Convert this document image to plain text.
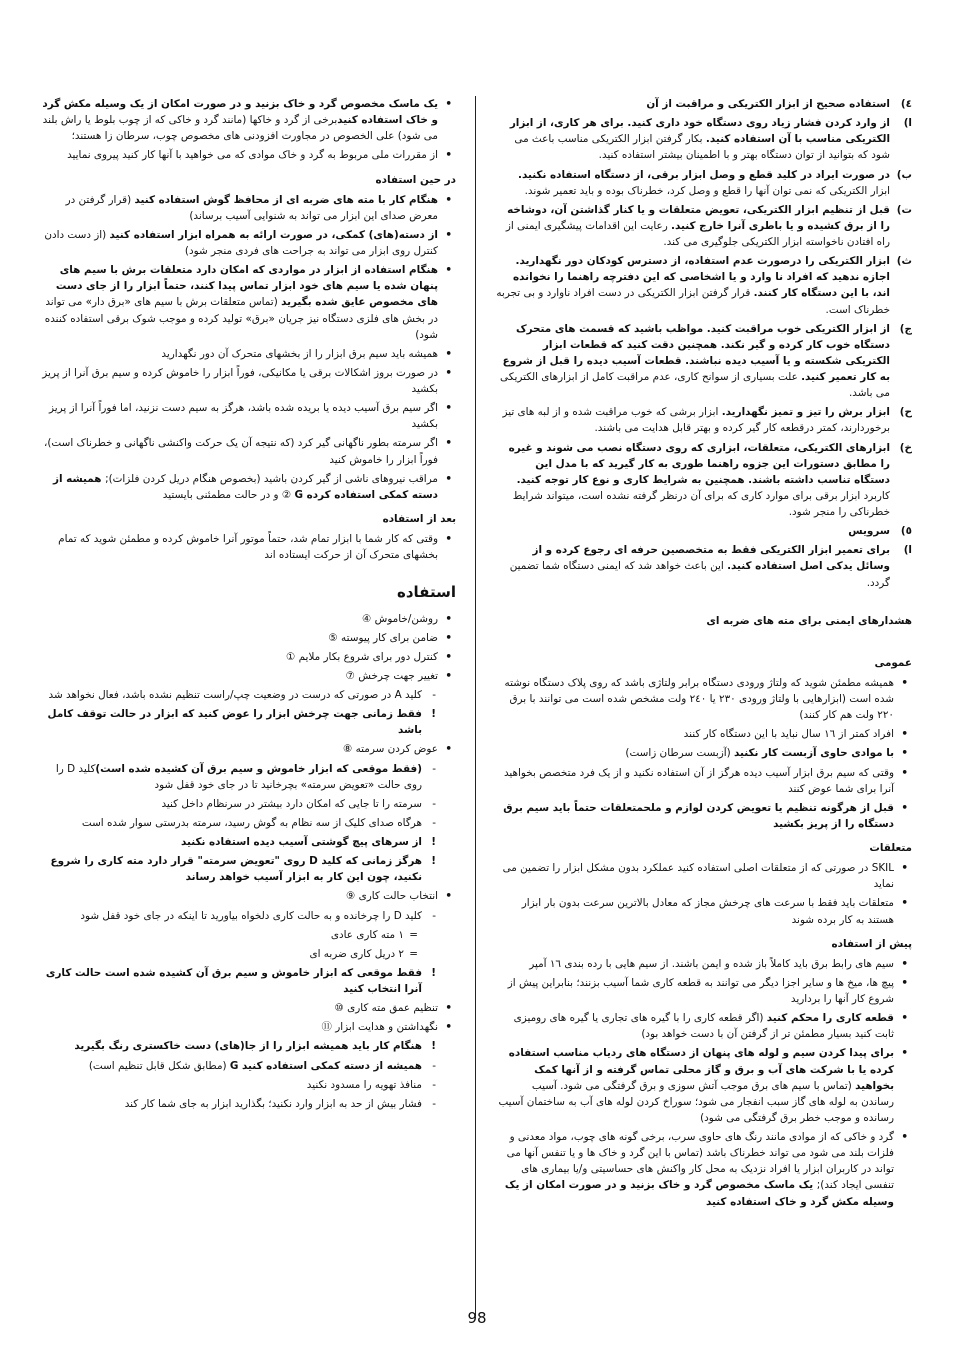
٤)
استفاده صحیح از ابزار الکتریکی و مراقبت از آن
ا)
از وارد کردن فشار زیاد روی دستگاه خود داری کنید. برای هر کاری، از ابزار الکتریکی مناسب با آن استفاده کنید. بکار گرفتن ابزار الکتریکی مناسب باعث می شود که بتوانید از توان دستگاه بهتر و با اطمینان بیشتر استفاده کنید.
ب)
در صورت ایراد در کلید قطع و وصل ابزار برقی، از دستگاه استفاده نکنید. ابزار الکتریکی که نمی توان آنها را قطع و وصل کرد، خطرناک بوده و باید تعمیر شوند.
ت)
قبل از تنظیم ابزار الکتریکی، تعویض متعلقات و یا کنار گذاشتن آن، دوشاخه را از برق کشیده و یا باطری آنرا خارج کنید. رعایت این اقدامات پیشگیری ایمنی از راه افتادن ناخواسته ابزار الکتریکی جلوگیری می کند.
ث)
ابزار الکتریکی را درصورت عدم استفاده، از دسترس کودکان دور نگهدارید. اجازه ندهید که افراد نا وارد و یا اشخاصی که این دفترچه راهنما را نخوانده اند، با این دستگاه کار کنند. قرار گرفتن ابزار الکتریکی در دست افراد ناوارد و بی تجربه خطرناک است.
ج)
از ابزار الکتریکی خوب مراقبت کنید. مواظب باشید که قسمت های متحرک دستگاه خوب کار کرده و گیر نکند. همچنین دقت کنید که قطعات ابزار الکتریکی شکسته و یا آسیب دیده نباشند. قطعات آسیب دیده را قبل از شروع به کار تعمیر کنید. علت بسیاری از سوانح کاری، عدم مراقبت کامل از ابزارهای الکتریکی می باشد.
ح)
ابزار برش را تیز و تمیز نگهدارید. ابزار برشی که خوب مراقبت شده و از لبه های تیز برخوردارند، کمتر درقطعه کار گیر کرده و بهتر قابل هدایت می باشند.
خ)
ابزارهای الکتریکی، متعلقات، ابزاری که روی دستگاه نصب می شوند و غیره را مطابق دستورات این جزوه راهنما طوری به کار گیرید که با مدل این دستگاه تناسب داشته باشند. همچنین به شرایط کاری و نوع کار توجه کنید. کاربرد ابزار برقی برای موارد کاری که برای آن درنظر گرفته نشده است، میتواند شرایط خطرناکی را منجر شود.
٥)
سرویس
ا)
برای تعمیر ابزار الکتریکی فقط به متخصصین حرفه ای رجوع کرده و از وسائل یدکی اصل استفاده کنید. این باعث خواهد شد که ایمنی دستگاه شما تضمین گردد.
هشدارهای ایمنی برای مته های ضربه ای
عمومی
• همیشه مطمئن شوید که ولتاژ ورودی دستگاه برابر ولتاژی باشد که روی پلاک دستگاه نوشته شده است (ابزارهایی با ولتاژ ورودی ۲۳۰ یا ۲٤۰ ولت مشخص شده است می توانند با برق ۲۲۰ ولت هم کار کنند)
• افراد کمتر از ۱٦ سال نباید با این دستگاه کار کنند
• با موادی حاوی آزبست کار نکنید (آزبست سرطان زاست)
• وقتی که سیم برق ابزار آسیب دیده هرگز از آن استفاده نکنید و از یک فرد متخصص بخواهید آنرا برای شما عوض کنند
• قبل از هرگونه تنظیم یا تعویض کردن لوازم و ملحمتعلقات حتماً باید سیم برق دستگاه را از پریز بکشید
متعلقات
• SKIL در صورتی که از متعلقات اصلی استفاده کنید عملکرد بدون مشکل ابزار را تضمین می نماید
• متعلقات باید فقط با سرعت های چرخش مجاز که معادل بالاترین سرعت بدون بار ابزار هستند به کار برده شوند
پیش از استفاده
• سیم های رابط برق باید کاملاً باز شده و ایمن باشند. از سیم هایی با رده بندی ۱٦ آمپر
• پیچ ها، میخ ها و سایر اجزا دیگر می توانند به قطعه کاری شما آسیب بزنند؛ بنابراین پیش از شروع کار آنها را بردارید
• قطعه کاری را محکم کنید (اگر قطعه کاری را با گیره های تجاری یا گیره های رومیزی ثابت کنید بسیار مطمئن تر از گرفتن آن با دست خواهد بود)
• برای پیدا کردن سیم و لوله های پنهان از دستگاه های ردیاب مناسب استفاده کرده یا با شرکت های آب و برق و گاز محلی تماس گرفته و از آنها کمک بخواهید (تماس با سیم های برق موجب آتش سوزی و برق گرفتگی می شود. آسیب رساندن به لوله های گاز سبب انفجار می شود؛ سوراخ کردن لوله های آب به ساختمان آسیب رسانده و موجب خطر برق گرفتگی می شود)
• گرد و خاکی که از موادی مانند رنگ های حاوی سرب، برخی گونه های چوب، مواد معدنی و فلزات بلند می شود می تواند خطرناک باشد (تماس با این گرد و خاک ها و یا تنفس آنها می تواند در کاربران ابزار یا افراد نزدیک به محل کار واکنش های حساسیتی و/یا بیماری های تنفسی ایجاد کند); یک ماسک مخصوص گرد و خاک بزنید و در صورت امکان از یک وسیله مکش گرد و خاک استفاده کنید
• یک ماسک مخصوص گرد و خاک بزنید و در صورت امکان از یک وسیله مکش گرد و خاک استفاده کنیدبرخی از گرد و خاکها (مانند گرد و خاکی که از چوب بلوط یا راش بلند می شود) علی الخصوص در مجاورت افزودنی های مخصوص چوب، سرطان زا هستند؛
• از مقررات ملی مربوط به گرد و خاک موادی که می خواهید با آنها کار کنید پیروی نمایید
در حین استفاده
• هنگام کار با مته های ضربه ای از محافظ گوش استفاده کنید (قرار گرفتن در معرض صدای این ابزار می تواند به شنوایی آسیب برساند)
• از دسته(های) کمکی، در صورت ارائه به همراه ابزار استفاده کنید (از دست دادن کنترل روی ابزار می تواند به جراحت های فردی منجر شود)
• هنگام استفاده از ابزار در مواردی که امکان دارد متعلقات برش با سیم های پنهان شده یا سیم های خود ابزار تماس پیدا کنند، حتماً ابزار را از جای دست های مخصوص عایق شده بگیرید (تماس متعلقات برش با سیم های «برق دار» می تواند در بخش های فلزی دستگاه نیز جریان «برق» تولید کرده و موجب شوک برقی استفاده کننده شود)
• همیشه باید سیم برق ابزار را از بخشهای متحرک آن دور نگهدارید
• در صورت بروز اشکالات برقی یا مکانیکی، فوراً ابزار را خاموش کرده و سیم برق آنرا از پریز بکشید
• اگر سیم برق آسیب دیده یا بریده شده باشد، هرگز به سیم دست نزنید، اما فوراً آنرا از پریز بکشید
• اگر سرمته بطور ناگهانی گیر کرد (که نتیجه آن یک حرکت واکنشی ناگهانی و خطرناک است)، فوراً ابزار را خاموش کنید
• مراقب نیروهای ناشی از گیر کردن باشید (بخصوص هنگام دریل کردن فلزات); همیشه از دسته کمکی استفاده کرده G ② و در حالت مطمئنی بایستید
بعد از استفاده
• وقتی که کار شما با ابزار تمام شد، حتماً موتور آنرا خاموش کرده و مطمئن شوید که تمام بخشهای متحرک آن از حرکت ایستاده اند
استفاده
• روشن/خاموش ④
• ضامن برای کار پیوسته ⑤
• کنترل دور برای شروع بکار ملایم ①
• تغییر جهت چرخش ⑦
- کلید A در صورتی که درست در وضعیت چپ/راست تنظیم نشده باشد، فعال نخواهد شد
! فقط زمانی جهت چرخش ابزار را عوض کنید که ابزار در حالت توقف کامل باشد
• عوض کردن سرمته ⑧
- (فقط موقعی که ابزار خاموش و سیم برق آن کشیده شده است)کلید D را روی حالت «تعویض سرمته» بچرخانید تا در جای خود قفل شود
- سرمته را تا جایی که امکان دارد بیشتر در سرنظام داخل کنید
- هرگاه صدای کلیک از سه نظام به گوش رسید، سرمته بدرستی سوار شده است
! از سرهای پیچ گوشتی آسیب دیده استفاده نکنید
! هرگز زمانی که کلید D روی "تعویض سرمته" قرار دارد مته کاری را شروع نکنید، چون این کار به ابزار آسیب خواهد رساند
• انتخاب حالت کاری ⑨
- کلید D را چرخانده و به حالت کاری دلخواه بیاورید تا اینکه در جای خود قفل شود
= ۱ مته کاری عادی
= ۲ دریل کاری ضربه ای
! فقط موقعی که ابزار خاموش و سیم برق آن کشیده شده است حالت کاری آنرا انتخاب کنید
• تنظیم عمق مته کاری ⑩
• نگهداشتن و هدایت ابزار ⑪
! هنگام کار باید همیشه ابزار را از جا(های) دست خاکستری رنگ بگیرید
- همیشه از دسته کمکی استفاده کنید G (مطابق شکل قابل تنظیم است)
- منافذ تهویه را مسدود نکنید
- فشار بیش از حد به ابزار وارد نکنید؛ بگذارید ابزار به جای شما کار کند
98
